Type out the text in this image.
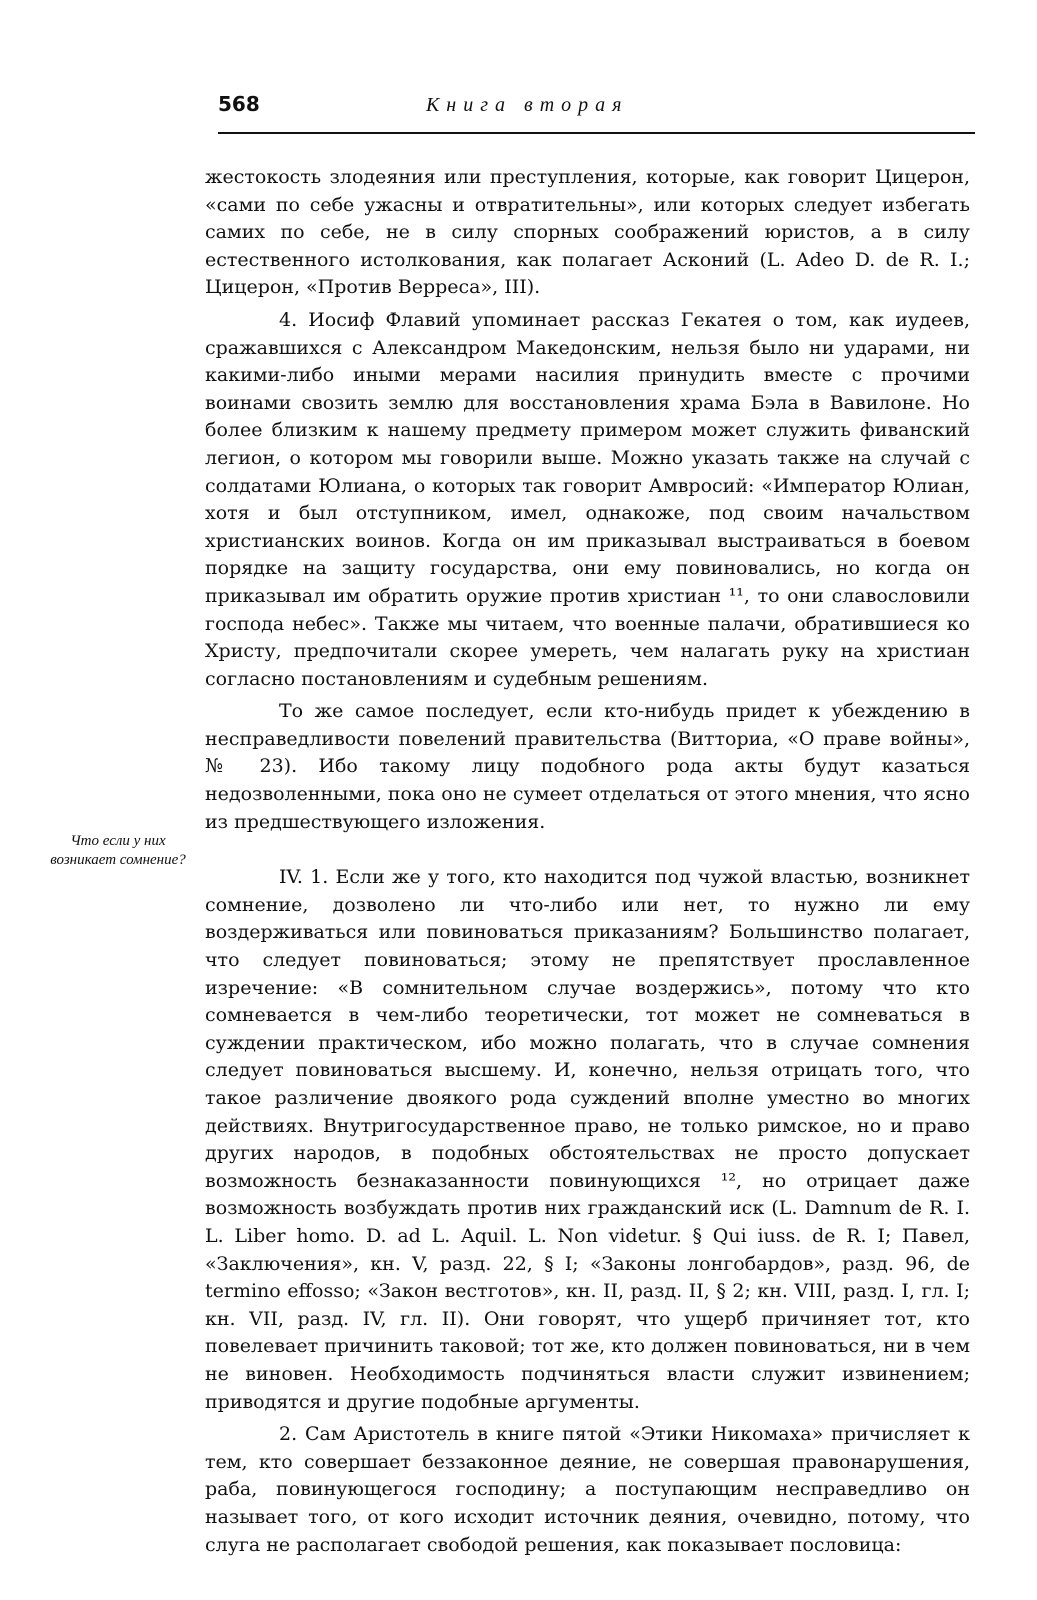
568	Книга вторая
Что если у них возникает сомнение?

жестокость злодеяния или преступления, которые, как говорит Цицерон, «сами по себе ужасны и отвратительны», или которых следует избегать самих по себе, не в силу спорных соображений юристов, а в силу естественного истолкования, как полагает Асконий (L. Adeo D. de R. I.; Цицерон, «Против Верреса», III).

4. Иосиф Флавий упоминает рассказ Гекатея о том, как иудеев, сражавшихся с Александром Македонским, нельзя было ни ударами, ни какими-либо иными мерами насилия принудить вместе с прочими воинами свозить землю для восстановления храма Бэла в Вавилоне. Но более близким к нашему предмету примером может служить фиванский легион, о котором мы говорили выше. Можно указать также на случай с солдатами Юлиана, о которых так говорит Амвросий: «Император Юлиан, хотя и был отступником, имел, однакоже, под своим начальством христианских воинов. Когда он им приказывал выстраиваться в боевом порядке на защиту государства, они ему повиновались, но когда он приказывал им обратить оружие против христиан ¹¹, то они славословили господа небес». Также мы читаем, что военные палачи, обратившиеся ко Христу, предпочитали скорее умереть, чем налагать руку на христиан согласно постановлениям и судебным решениям.

То же самое последует, если кто-нибудь придет к убеждению в несправедливости повелений правительства (Витториа, «О праве войны», № 23). Ибо такому лицу подобного рода акты будут казаться недозволенными, пока оно не сумеет отделаться от этого мнения, что ясно из предшествующего изложения.

IV. 1. Если же у того, кто находится под чужой властью, возникнет сомнение, дозволено ли что-либо или нет, то нужно ли ему воздерживаться или повиноваться приказаниям? Большинство полагает, что следует повиноваться; этому не препятствует прославленное изречение: «В сомнительном случае воздержись», потому что кто сомневается в чем-либо теоретически, тот может не сомневаться в суждении практическом, ибо можно полагать, что в случае сомнения следует повиноваться высшему. И, конечно, нельзя отрицать того, что такое различение двоякого рода суждений вполне уместно во многих действиях. Внутригосударственное право, не только римское, но и право других народов, в подобных обстоятельствах не просто допускает возможность безнаказанности повинующихся ¹², но отрицает даже возможность возбуждать против них гражданский иск (L. Damnum de R. I. L. Liber homo. D. ad L. Aquil. L. Non videtur. § Qui iuss. de R. I; Павел, «Заключения», кн. V, разд. 22, § I; «Законы лонгобардов», разд. 96, de termino effosso; «Закон вестготов», кн. II, разд. II, § 2; кн. VIII, разд. I, гл. I; кн. VII, разд. IV, гл. II). Они говорят, что ущерб причиняет тот, кто повелевает причинить таковой; тот же, кто должен повиноваться, ни в чем не виновен. Необходимость подчиняться власти служит извинением; приводятся и другие подобные аргументы.

2. Сам Аристотель в книге пятой «Этики Никомаха» причисляет к тем, кто совершает беззаконное деяние, не совершая правонарушения, раба, повинующегося господину; а поступающим несправедливо он называет того, от кого исходит источник деяния, очевидно, потому, что слуга не располагает свободой решения, как показывает пословица:
